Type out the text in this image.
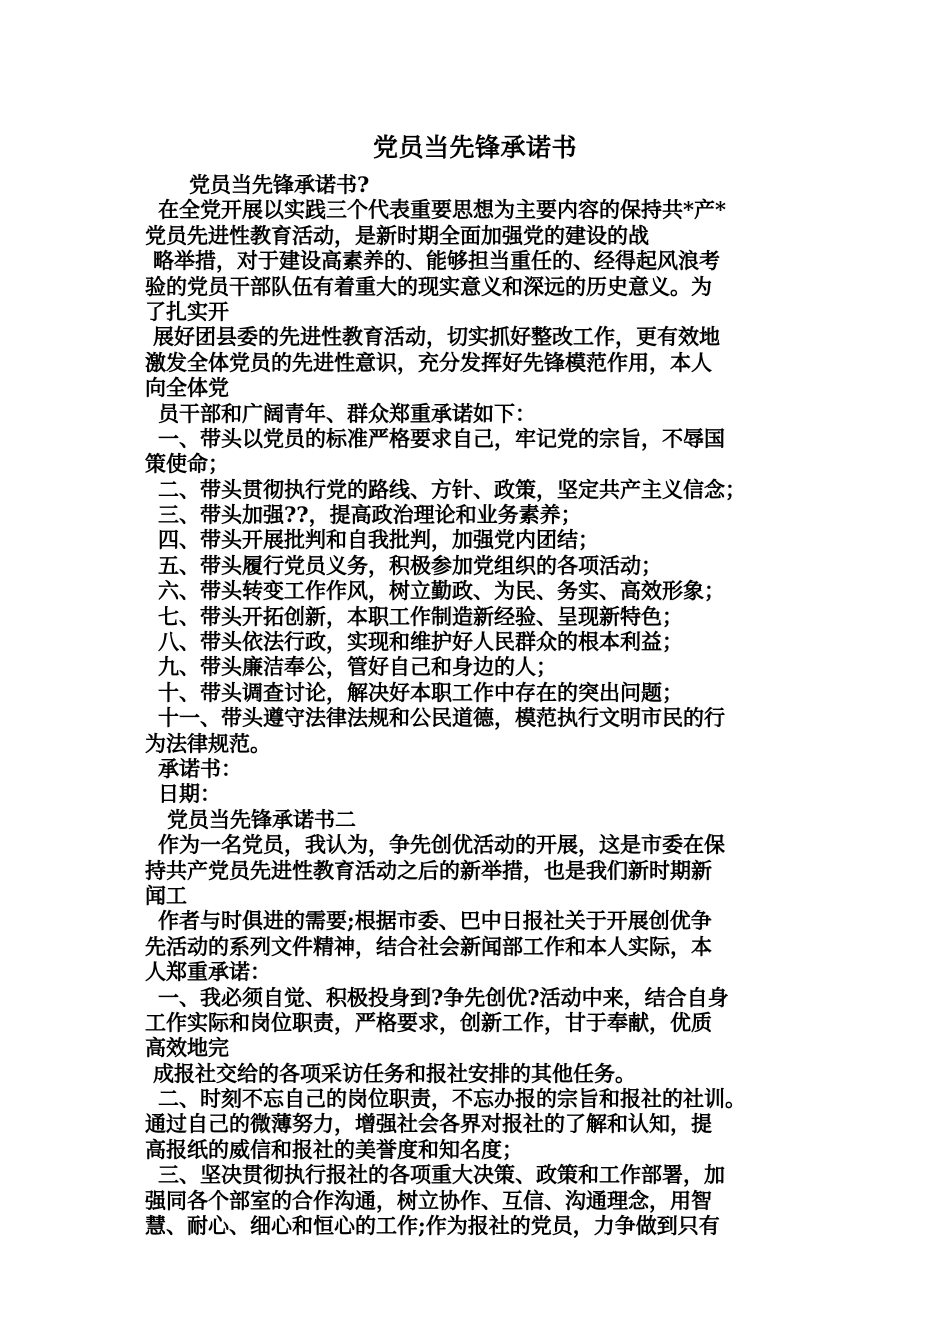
党员当先锋承诺书
党员当先锋承诺书?
在全党开展以实践三个代表重要思想为主要内容的保持共*产*
党员先进性教育活动，是新时期全面加强党的建设的战
略举措，对于建设高素养的、能够担当重任的、经得起风浪考
验的党员干部队伍有着重大的现实意义和深远的历史意义。为
了扎实开
展好团县委的先进性教育活动，切实抓好整改工作，更有效地
激发全体党员的先进性意识，充分发挥好先锋模范作用，本人
向全体党
员干部和广阔青年、群众郑重承诺如下：
一、带头以党员的标准严格要求自己，牢记党的宗旨，不辱国
策使命；
二、带头贯彻执行党的路线、方针、政策，坚定共产主义信念；
三、带头加强??，提高政治理论和业务素养；
四、带头开展批判和自我批判，加强党内团结；
五、带头履行党员义务，积极参加党组织的各项活动；
六、带头转变工作作风，树立勤政、为民、务实、高效形象；
七、带头开拓创新，本职工作制造新经验、呈现新特色；
八、带头依法行政，实现和维护好人民群众的根本利益；
九、带头廉洁奉公，管好自己和身边的人；
十、带头调查讨论，解决好本职工作中存在的突出问题；
十一、带头遵守法律法规和公民道德，模范执行文明市民的行
为法律规范。
承诺书：
日期：
党员当先锋承诺书二
作为一名党员，我认为，争先创优活动的开展，这是市委在保
持共产党员先进性教育活动之后的新举措，也是我们新时期新
闻工
作者与时俱进的需要;根据市委、巴中日报社关于开展创优争
先活动的系列文件精神，结合社会新闻部工作和本人实际，本
人郑重承诺：
一、我必须自觉、积极投身到?争先创优?活动中来，结合自身
工作实际和岗位职责，严格要求，创新工作，甘于奉献，优质
高效地完
成报社交给的各项采访任务和报社安排的其他任务。
二、时刻不忘自己的岗位职责，不忘办报的宗旨和报社的社训。
通过自己的微薄努力，增强社会各界对报社的了解和认知，提
高报纸的威信和报社的美誉度和知名度；
三、坚决贯彻执行报社的各项重大决策、政策和工作部署，加
强同各个部室的合作沟通，树立协作、互信、沟通理念，用智
慧、耐心、细心和恒心的工作;作为报社的党员，力争做到只有
